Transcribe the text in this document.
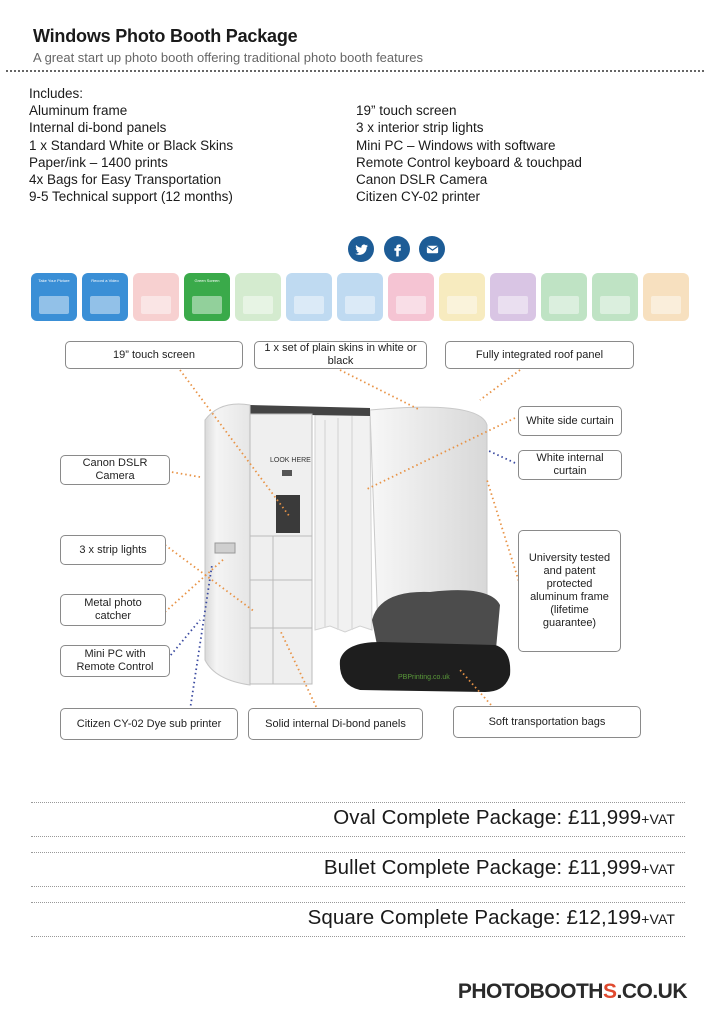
Windows Photo Booth Package
A great start up photo booth offering traditional photo booth features
Includes:
Aluminum frame
Internal di-bond panels
1 x Standard White or Black Skins
Paper/ink – 1400 prints
4x Bags for Easy Transportation
9-5 Technical support (12 months)
19” touch screen
3 x interior strip lights
Mini PC – Windows with software
Remote Control keyboard & touchpad
Canon DSLR Camera
Citizen CY-02 printer
Take Your Picture	Record a Video	Green Screen
LOOK HERE
PBPrinting.co.uk
19” touch screen
1 x set of plain skins in white or black
Fully integrated roof panel
White side curtain
White internal curtain
Canon DSLR Camera
3 x strip lights
University tested and patent protected aluminum frame (lifetime guarantee)
Metal photo catcher
Mini PC with Remote Control
Citizen CY-02 Dye sub printer	Solid internal Di-bond panels	Soft transportation bags
Oval Complete Package: £11,999+VAT
Bullet Complete Package: £11,999+VAT
Square Complete Package: £12,199+VAT
PHOTOBOOTHS.CO.UK
